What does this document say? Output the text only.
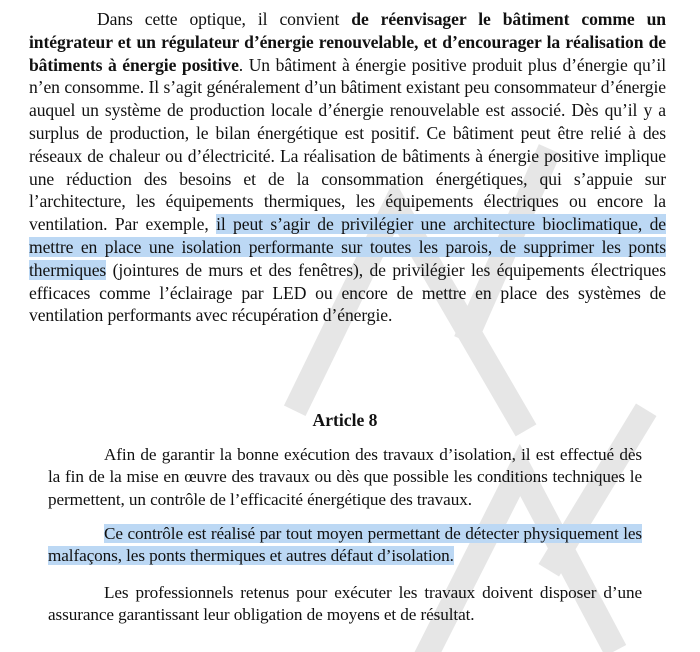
Dans cette optique, il convient de réenvisager le bâtiment comme un intégrateur et un régulateur d’énergie renouvelable, et d’encourager la réalisation de bâtiments à énergie positive. Un bâtiment à énergie positive produit plus d’énergie qu’il n’en consomme. Il s’agit généralement d’un bâtiment existant peu consommateur d’énergie auquel un système de production locale d’énergie renouvelable est associé. Dès qu’il y a surplus de production, le bilan énergétique est positif. Ce bâtiment peut être relié à des réseaux de chaleur ou d’électricité. La réalisation de bâtiments à énergie positive implique une réduction des besoins et de la consommation énergétiques, qui s’appuie sur l’architecture, les équipements thermiques, les équipements électriques ou encore la ventilation. Par exemple, il peut s’agir de privilégier une architecture bioclimatique, de mettre en place une isolation performante sur toutes les parois, de supprimer les ponts thermiques (jointures de murs et des fenêtres), de privilégier les équipements électriques efficaces comme l’éclairage par LED ou encore de mettre en place des systèmes de ventilation performants avec récupération d’énergie.

Article 8

Afin de garantir la bonne exécution des travaux d’isolation, il est effectué dès la fin de la mise en œuvre des travaux ou dès que possible les conditions techniques le permettent, un contrôle de l’efficacité énergétique des travaux.

Ce contrôle est réalisé par tout moyen permettant de détecter physiquement les malfaçons, les ponts thermiques et autres défaut d’isolation.

Les professionnels retenus pour exécuter les travaux doivent disposer d’une assurance garantissant leur obligation de moyens et de résultat.
